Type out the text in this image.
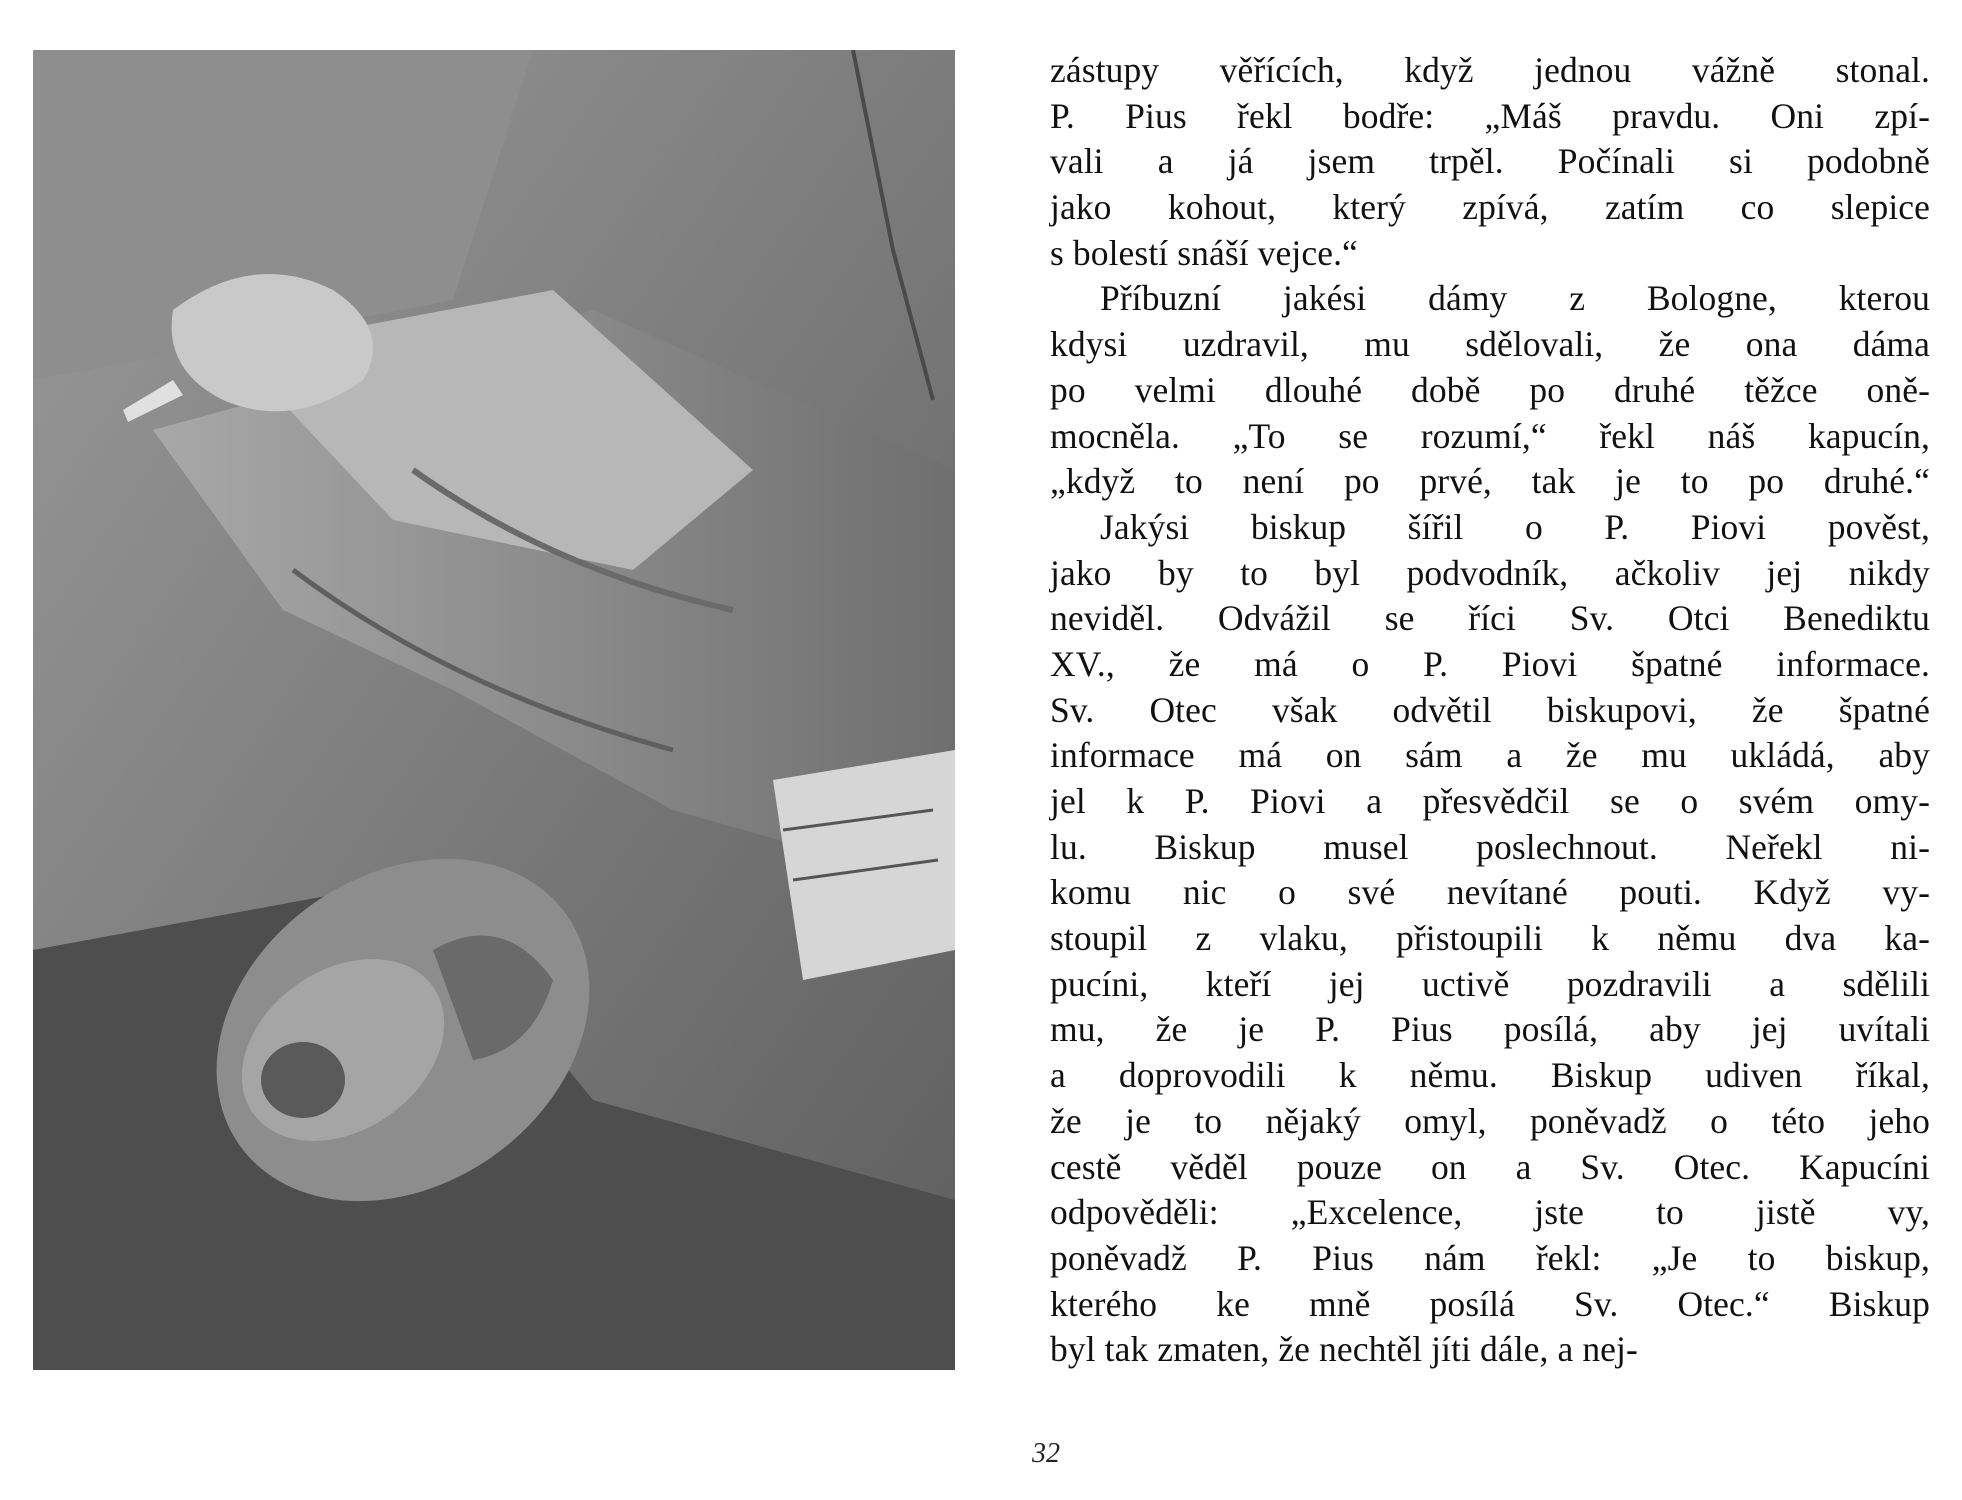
zástupy věřících, když jednou vážně stonal.
P. Pius řekl bodře: „Máš pravdu. Oni zpí-
vali a já jsem trpěl. Počínali si podobně
jako kohout, který zpívá, zatím co slepice
s bolestí snáší vejce.“
Příbuzní jakési dámy z Bologne, kterou
kdysi uzdravil, mu sdělovali, že ona dáma
po velmi dlouhé době po druhé těžce oně-
mocněla. „To se rozumí,“ řekl náš kapucín,
„když to není po prvé, tak je to po druhé.“
Jakýsi biskup šířil o P. Piovi pověst,
jako by to byl podvodník, ačkoliv jej nikdy
neviděl. Odvážil se říci Sv. Otci Benediktu
XV., že má o P. Piovi špatné informace.
Sv. Otec však odvětil biskupovi, že špatné
informace má on sám a že mu ukládá, aby
jel k P. Piovi a přesvědčil se o svém omy-
lu. Biskup musel poslechnout. Neřekl ni-
komu nic o své nevítané pouti. Když vy-
stoupil z vlaku, přistoupili k němu dva ka-
pucíni, kteří jej uctivě pozdravili a sdělili
mu, že je P. Pius posílá, aby jej uvítali
a doprovodili k němu. Biskup udiven říkal,
že je to nějaký omyl, poněvadž o této jeho
cestě věděl pouze on a Sv. Otec. Kapucíni
odpověděli: „Excelence, jste to jistě vy,
poněvadž P. Pius nám řekl: „Je to biskup,
kterého ke mně posílá Sv. Otec.“ Biskup
byl tak zmaten, že nechtěl jíti dále, a nej-
32
